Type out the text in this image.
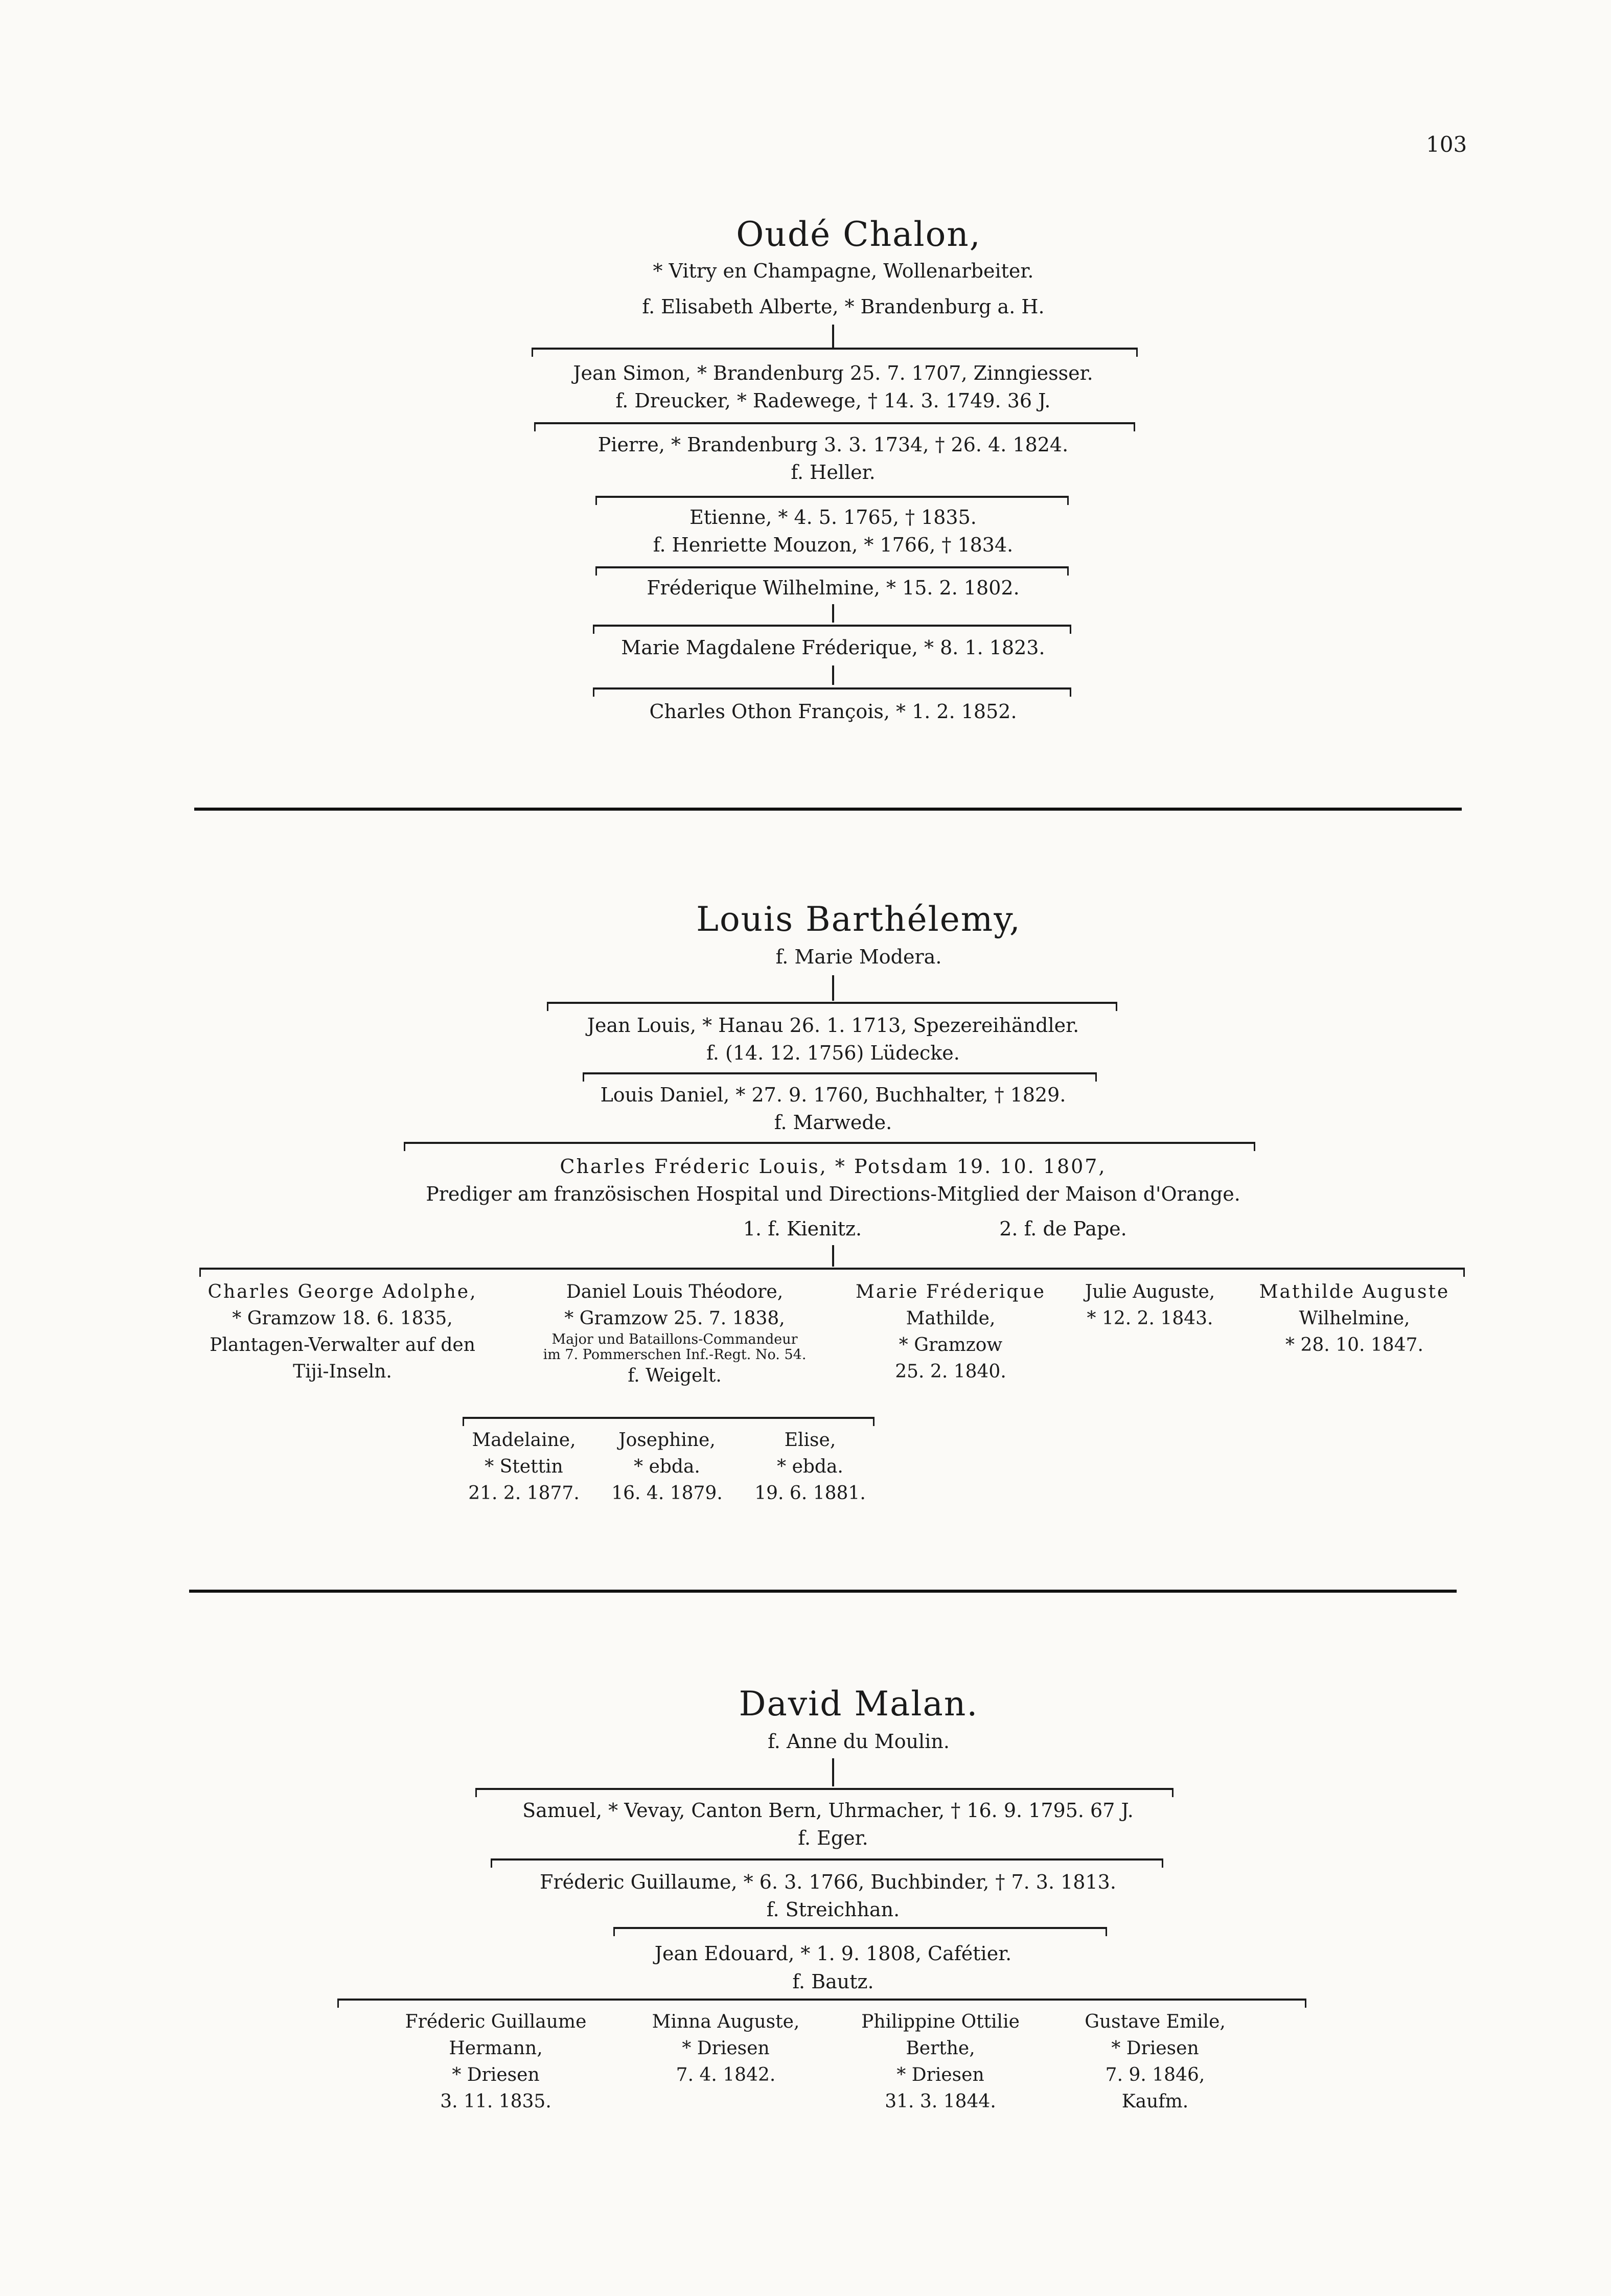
103
Oudé Chalon,
* Vitry en Champagne, Wollenarbeiter.
f. Elisabeth Alberte, * Brandenburg a. H.
Jean Simon, * Brandenburg 25. 7. 1707, Zinngiesser.
f. Dreucker, * Radewege, † 14. 3. 1749. 36 J.
Pierre, * Brandenburg 3. 3. 1734, † 26. 4. 1824.
f. Heller.
Etienne, * 4. 5. 1765, † 1835.
f. Henriette Mouzon, * 1766, † 1834.
Fréderique Wilhelmine, * 15. 2. 1802.
Marie Magdalene Fréderique, * 8. 1. 1823.
Charles Othon François, * 1. 2. 1852.
Louis Barthélemy,
f. Marie Modera.
Jean Louis, * Hanau 26. 1. 1713, Spezereihändler.
f. (14. 12. 1756) Lüdecke.
Louis Daniel, * 27. 9. 1760, Buchhalter, † 1829.
f. Marwede.
Charles Fréderic Louis, * Potsdam 19. 10. 1807,
Prediger am französischen Hospital und Directions-Mitglied der Maison d'Orange.
1. f. Kienitz.	2. f. de Pape.
Charles George Adolphe,
* Gramzow 18. 6. 1835,
Plantagen-Verwalter auf den
Tiji-Inseln.
Daniel Louis Théodore,
* Gramzow 25. 7. 1838,
Major und Bataillons-Commandeur
im 7. Pommerschen Inf.-Regt. No. 54.
f. Weigelt.
Marie Fréderique
Mathilde,
* Gramzow
25. 2. 1840.
Julie Auguste,
* 12. 2. 1843.
Mathilde Auguste
Wilhelmine,
* 28. 10. 1847.
Madelaine,
* Stettin
21. 2. 1877.
Josephine,
* ebda.
16. 4. 1879.
Elise,
* ebda.
19. 6. 1881.
David Malan.
f. Anne du Moulin.
Samuel, * Vevay, Canton Bern, Uhrmacher, † 16. 9. 1795. 67 J.
f. Eger.
Fréderic Guillaume, * 6. 3. 1766, Buchbinder, † 7. 3. 1813.
f. Streichhan.
Jean Edouard, * 1. 9. 1808, Cafétier.
f. Bautz.
Fréderic Guillaume
Hermann,
* Driesen
3. 11. 1835.
Minna Auguste,
* Driesen
7. 4. 1842.
Philippine Ottilie
Berthe,
* Driesen
31. 3. 1844.
Gustave Emile,
* Driesen
7. 9. 1846,
Kaufm.
